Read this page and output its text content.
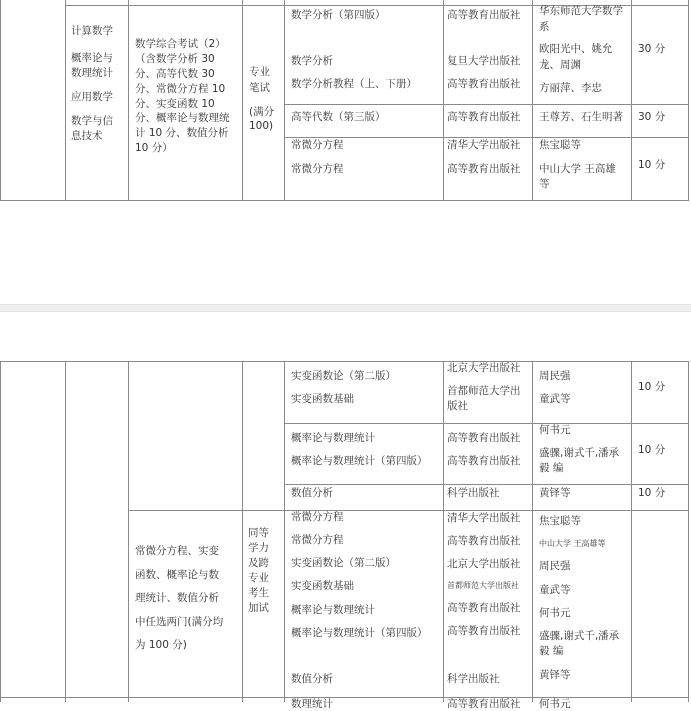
计算数学
概率论与
数理统计
应用数学
数学与信
息技术
数学综合考试（2）
（含数学分析 30
分、高等代数 30
分、常微分方程 10
分、实变函数 10
分、概率论与数理统
计 10 分、数值分析
10 分）
专业
笔试
(满分
100)
数学分析（第四版）
数学分析
数学分析教程（上、下册）
高等代数（第三版）
常微分方程
常微分方程
高等教育出版社
复旦大学出版社
高等教育出版社
高等教育出版社
清华大学出版社
高等教育出版社
华东师范大学数学
系
欧阳光中、姚允
龙、周渊
方丽萍、李忠
王尊芳、石生明著
焦宝聪等
中山大学 王高雄
等
30 分
30 分
10 分
实变函数论（第二版）
实变函数基础
概率论与数理统计
概率论与数理统计（第四版）
数值分析
北京大学出版社
首都师范大学出
版社
高等教育出版社
高等教育出版社
科学出版社
周民强
童武等
何书元
盛骤,谢式千,潘承
毅 编
黄铎等
10 分
10 分
10 分
常微分方程、实变
函数、概率论与数
理统计、数值分析
中任选两门(满分均
为 100 分)
同等
学力
及跨
专业
考生
加试
常微分方程
常微分方程
实变函数论（第二版）
实变函数基础
概率论与数理统计
概率论与数理统计（第四版）
数值分析
清华大学出版社
高等教育出版社
北京大学出版社
首都师范大学出版社
高等教育出版社
高等教育出版社
科学出版社
焦宝聪等
中山大学 王高雄等
周民强
童武等
何书元
盛骤,谢式千,潘承
毅 编
黄铎等
数理统计	高等教育出版社 何书元
